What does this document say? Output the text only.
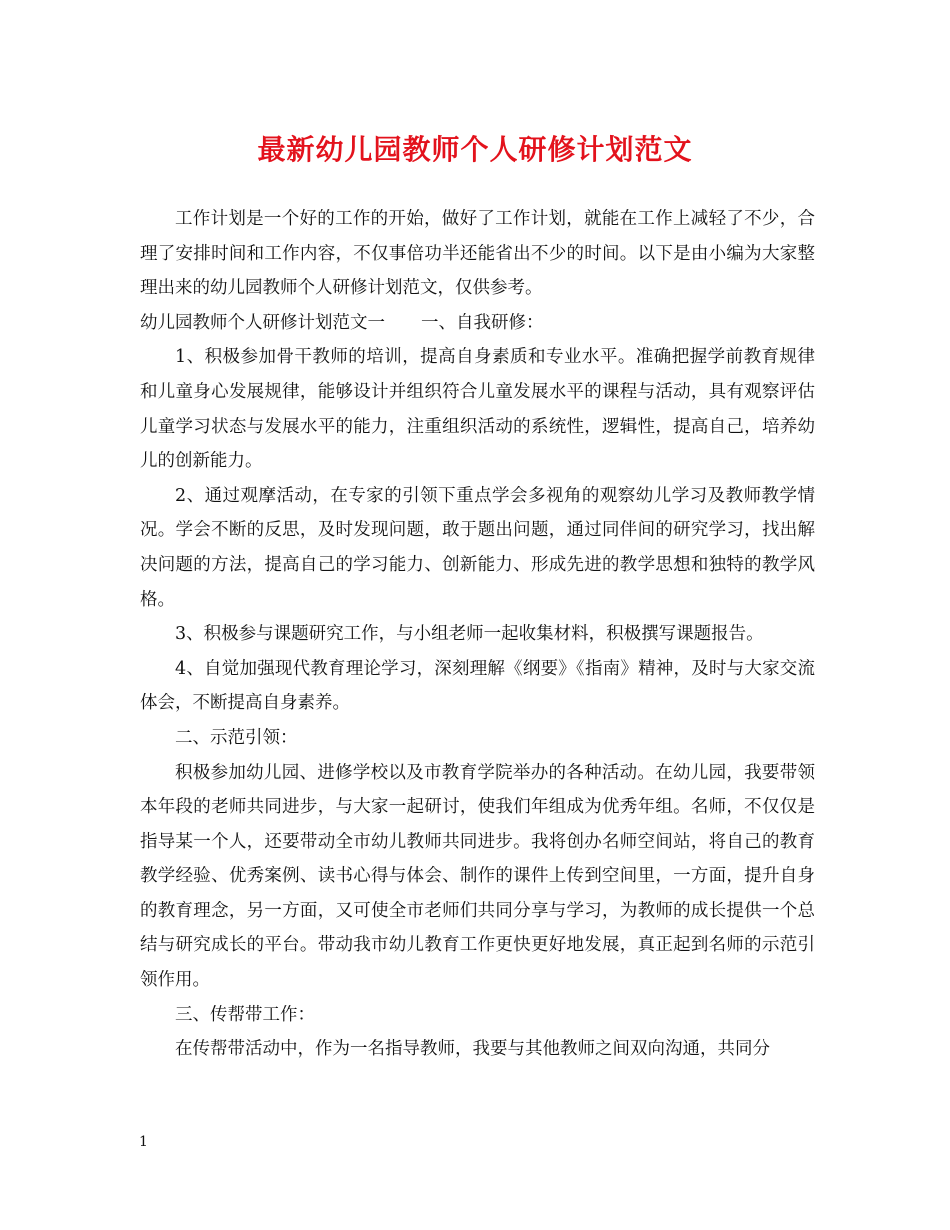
最新幼儿园教师个人研修计划范文

工作计划是一个好的工作的开始，做好了工作计划，就能在工作上减轻了不少，合理了安排时间和工作内容，不仅事倍功半还能省出不少的时间。以下是由小编为大家整理出来的幼儿园教师个人研修计划范文，仅供参考。

幼儿园教师个人研修计划范文一 一、自我研修：

1、积极参加骨干教师的培训，提高自身素质和专业水平。准确把握学前教育规律和儿童身心发展规律，能够设计并组织符合儿童发展水平的课程与活动，具有观察评估儿童学习状态与发展水平的能力，注重组织活动的系统性，逻辑性，提高自己，培养幼儿的创新能力。

2、通过观摩活动，在专家的引领下重点学会多视角的观察幼儿学习及教师教学情况。学会不断的反思，及时发现问题，敢于题出问题，通过同伴间的研究学习，找出解决问题的方法，提高自己的学习能力、创新能力、形成先进的教学思想和独特的教学风格。

3、积极参与课题研究工作，与小组老师一起收集材料，积极撰写课题报告。

4、自觉加强现代教育理论学习，深刻理解《纲要》《指南》精神，及时与大家交流体会，不断提高自身素养。

二、示范引领：

积极参加幼儿园、进修学校以及市教育学院举办的各种活动。在幼儿园，我要带领本年段的老师共同进步，与大家一起研讨，使我们年组成为优秀年组。名师，不仅仅是指导某一个人，还要带动全市幼儿教师共同进步。我将创办名师空间站，将自己的教育教学经验、优秀案例、读书心得与体会、制作的课件上传到空间里，一方面，提升自身的教育理念，另一方面，又可使全市老师们共同分享与学习，为教师的成长提供一个总结与研究成长的平台。带动我市幼儿教育工作更快更好地发展，真正起到名师的示范引领作用。

三、传帮带工作：

在传帮带活动中，作为一名指导教师，我要与其他教师之间双向沟通，共同分

1
